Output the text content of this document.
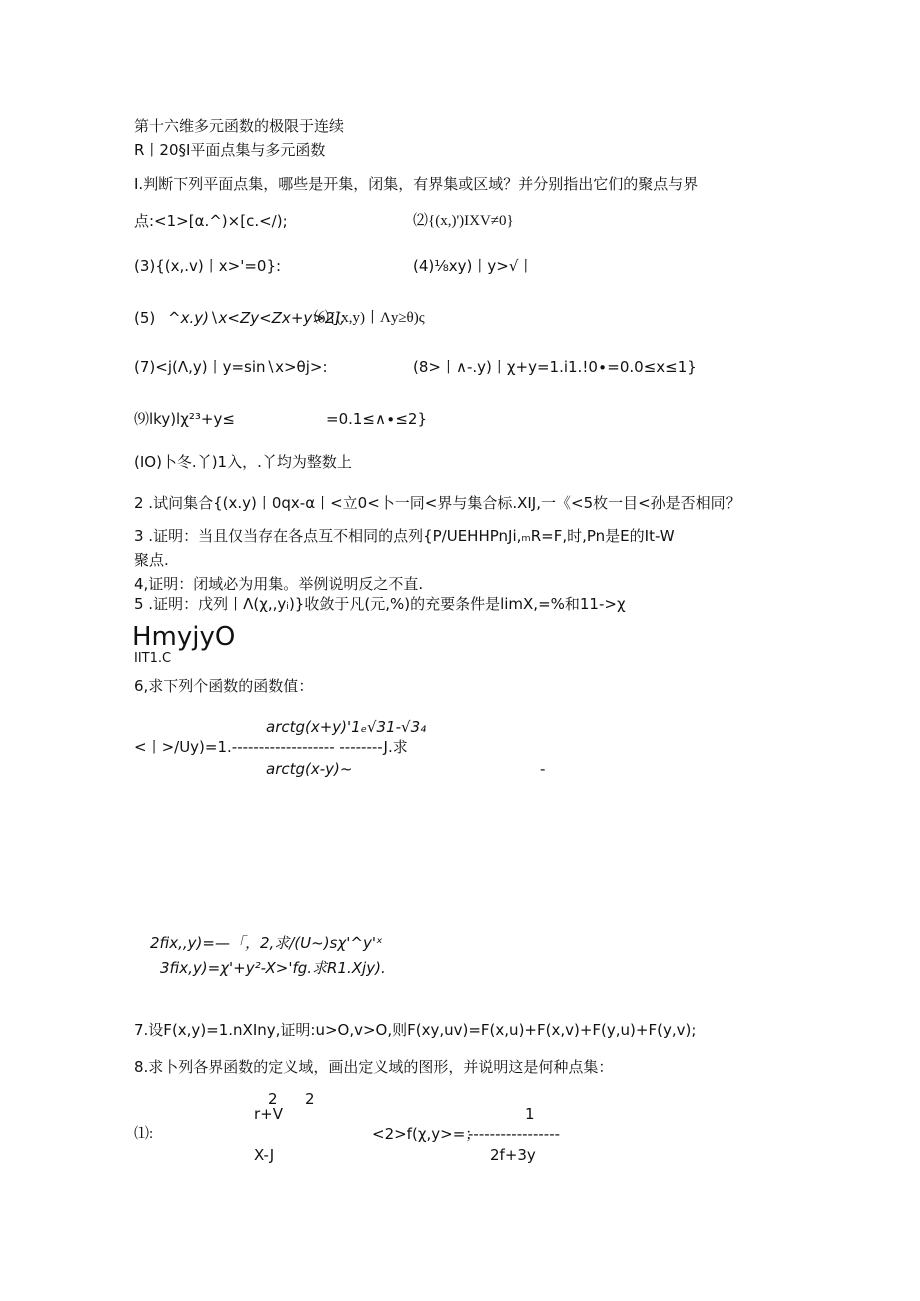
第十六维多元函数的极限于连续
R丨20§I平面点集与多元函数
I.判断下列平面点集，哪些是开集，闭集，有界集或区域？并分别指出它们的聚点与界
点:<1>[α.^)×[c.<∕);	⑵{(x,)')IXV≠0}
(3){(x,.v)丨x>'=0}:	(4)⅛xy)丨y>√丨
(5) ^x.y)∖x<Zy<Zx+y>2];
⑹{(x,y)丨Λy≥θ)ς
(7)<j(Λ,y)丨y=sin∖x>θj>:	(8>丨∧-.y)丨χ+y=1.i1.!0∙=0.0≤x≤1}
⑼lky)lχ²³+y≤	=0.1≤∧∙≤2}
(IO)卜冬.丫)1入，.丫均为整数上
2 .试问集合{(x.y)丨0qx-α丨<立0<卜一同<界与集合标.XIJ,一《<5枚一目<孙是否相同？
3 .证明：当且仅当存在各点互不相同的点列{P∕UEHHPnJi,ₘR=F,时,Pn是E的It-W
聚点.
4,证明：闭域必为用集。举例说明反之不直.
5 .证明：戊列丨Λ(χ,,yᵢ)}收敛于凡(元,%)的充要条件是limX,=%和11->χ
HmyjyO
IIT1.C
6,求下列个函数的函数值：
arctg(x+y)'1ₑ√31-√3₄
<丨>/Uy)=1.------------------- --------J.求
arctg(x-y)~	-
2fix,,y)=—「，2,求/(U~)sχ'^y'ˣ
3fix,y)=χ'+y²-X>'fg.求R1.Xjy).
7.设F(x,y)=1.nXIny,证明:u>O,v>O,则F(xy,uv)=F(x,u)+F(x,v)+F(y,u)+F(y,v);
8.求卜列各界函数的定义域，画出定义域的图形，并说明这是何种点集：
2 2
r+V	1
⑴:	<2>f(χ,y>=；
-----------------
X-J	2f+3y
